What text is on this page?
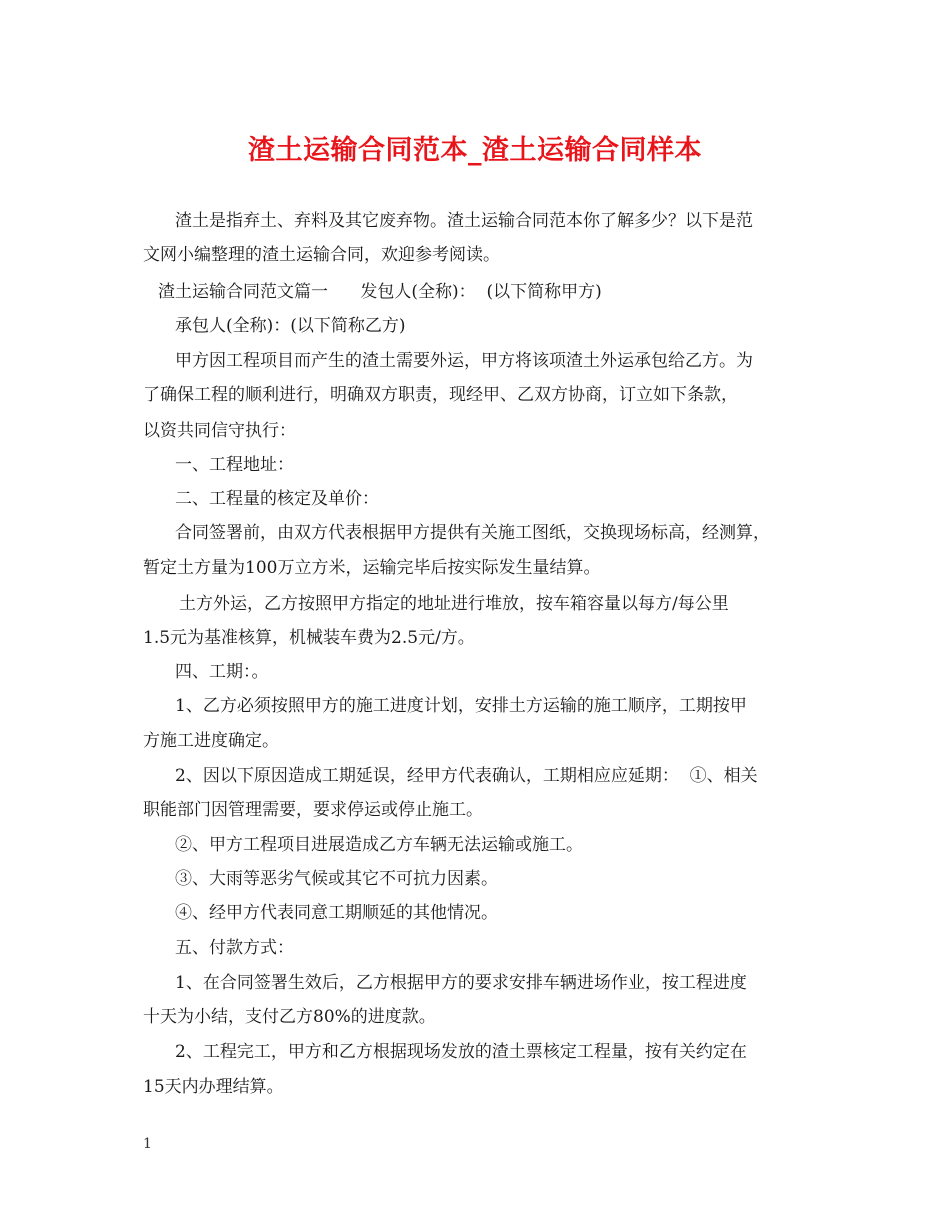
渣土运输合同范本_渣土运输合同样本
渣土是指弃土、弃料及其它废弃物。渣土运输合同范本你了解多少？以下是范
文网小编整理的渣土运输合同，欢迎参考阅读。
渣土运输合同范文篇一      发包人(全称)：  (以下简称甲方)
承包人(全称)：(以下简称乙方)
甲方因工程项目而产生的渣土需要外运，甲方将该项渣土外运承包给乙方。为
了确保工程的顺利进行，明确双方职责，现经甲、乙双方协商，订立如下条款，
以资共同信守执行：
一、工程地址：
二、工程量的核定及单价：
合同签署前，由双方代表根据甲方提供有关施工图纸，交换现场标高，经测算，
暂定土方量为100万立方米，运输完毕后按实际发生量结算。
土方外运，乙方按照甲方指定的地址进行堆放，按车箱容量以每方/每公里
1.5元为基准核算，机械装车费为2.5元/方。
四、工期：。
1、乙方必须按照甲方的施工进度计划，安排土方运输的施工顺序，工期按甲
方施工进度确定。
2、因以下原因造成工期延误，经甲方代表确认，工期相应应延期：  ①、相关
职能部门因管理需要，要求停运或停止施工。
②、甲方工程项目进展造成乙方车辆无法运输或施工。
③、大雨等恶劣气候或其它不可抗力因素。
④、经甲方代表同意工期顺延的其他情况。
五、付款方式：
1、在合同签署生效后，乙方根据甲方的要求安排车辆进场作业，按工程进度
十天为小结，支付乙方80%的进度款。
2、工程完工，甲方和乙方根据现场发放的渣土票核定工程量，按有关约定在
15天内办理结算。
1
